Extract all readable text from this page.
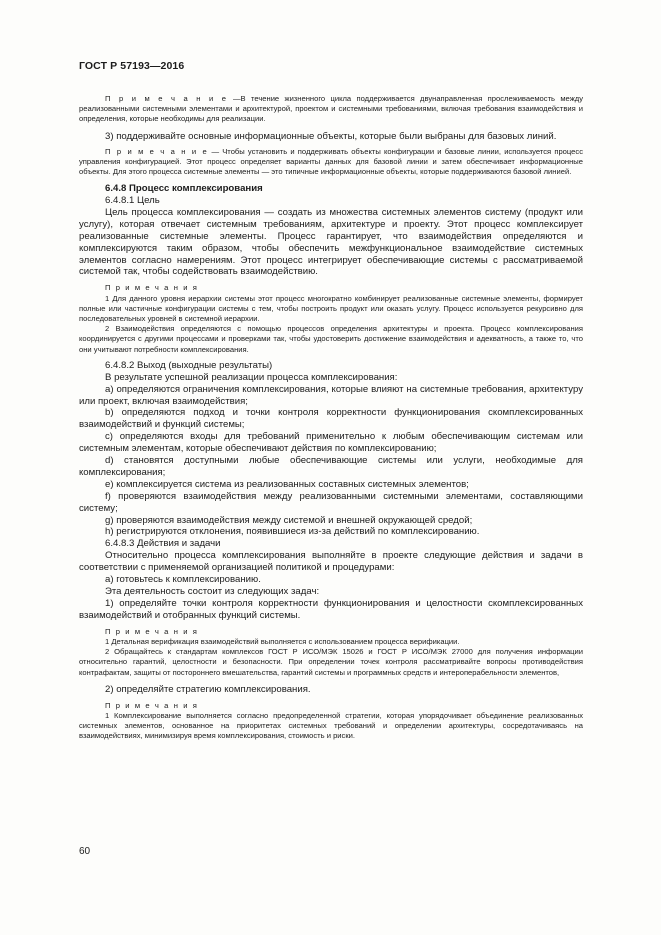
ГОСТ Р 57193—2016

П р и м е ч а н и е —В течение жизненного цикла поддерживается двунаправленная прослеживаемость между реализованными системными элементами и архитектурой, проектом и системными требованиями, включая требования взаимодействия и определения, которые необходимы для реализации.

3) поддерживайте основные информационные объекты, которые были выбраны для базовых линий.

П р и м е ч а н и е — Чтобы установить и поддерживать объекты конфигурации и базовые линии, используется процесс управления конфигурацией. Этот процесс определяет варианты данных для базовой линии и затем обеспечивает информационные объекты. Для этого процесса системные элементы — это типичные информационные объекты, которые поддерживаются базовой линией.

6.4.8 Процесс комплексирования

6.4.8.1 Цель

Цель процесса комплексирования — создать из множества системных элементов систему (продукт или услугу), которая отвечает системным требованиям, архитектуре и проекту. Этот процесс комплексирует реализованные системные элементы. Процесс гарантирует, что взаимодействия определяются и комплексируются таким образом, чтобы обеспечить межфункциональное взаимодействие системных элементов согласно намерениям. Этот процесс интегрирует обеспечивающие системы с рассматриваемой системой так, чтобы содействовать взаимодействию.

П р и м е ч а н и я

1 Для данного уровня иерархии системы этот процесс многократно комбинирует реализованные системные элементы, формирует полные или частичные конфигурации системы с тем, чтобы построить продукт или оказать услугу. Процесс используется рекурсивно для последовательных уровней в системной иерархии.

2 Взаимодействия определяются с помощью процессов определения архитектуры и проекта. Процесс комплексирования координируется с другими процессами и проверками так, чтобы удостоверить достижение взаимодействия и адекватность, а также то, что они учитывают потребности комплексирования.

6.4.8.2 Выход (выходные результаты)

В результате успешной реализации процесса комплексирования:

a) определяются ограничения комплексирования, которые влияют на системные требования, архитектуру или проект, включая взаимодействия;

b) определяются подход и точки контроля корректности функционирования скомплексированных взаимодействий и функций системы;

c) определяются входы для требований применительно к любым обеспечивающим системам или системным элементам, которые обеспечивают действия по комплексированию;

d) становятся доступными любые обеспечивающие системы или услуги, необходимые для комплексирования;

e) комплексируется система из реализованных составных системных элементов;

f) проверяются взаимодействия между реализованными системными элементами, составляющими систему;

g) проверяются взаимодействия между системой и внешней окружающей средой;

h) регистрируются отклонения, появившиеся из-за действий по комплексированию.

6.4.8.3 Действия и задачи

Относительно процесса комплексирования выполняйте в проекте следующие действия и задачи в соответствии с применяемой организацией политикой и процедурами:

a) готовьтесь к комплексированию.

Эта деятельность состоит из следующих задач:

1) определяйте точки контроля корректности функционирования и целостности скомплексированных взаимодействий и отобранных функций системы.

П р и м е ч а н и я

1 Детальная верификация взаимодействий выполняется с использованием процесса верификации.

2 Обращайтесь к стандартам комплексов ГОСТ Р ИСО/МЭК 15026 и ГОСТ Р ИСО/МЭК 27000 для получения информации относительно гарантий, целостности и безопасности. При определении точек контроля рассматривайте вопросы противодействия контрафактам, защиты от постороннего вмешательства, гарантий системы и программных средств и интероперабельности элементов,

2) определяйте стратегию комплексирования.

П р и м е ч а н и я

1 Комплексирование выполняется согласно предопределенной стратегии, которая упорядочивает объединение реализованных системных элементов, основанное на приоритетах системных требований и определении архитектуры, сосредотачиваясь на взаимодействиях, минимизируя время комплексирования, стоимость и риски.

60
